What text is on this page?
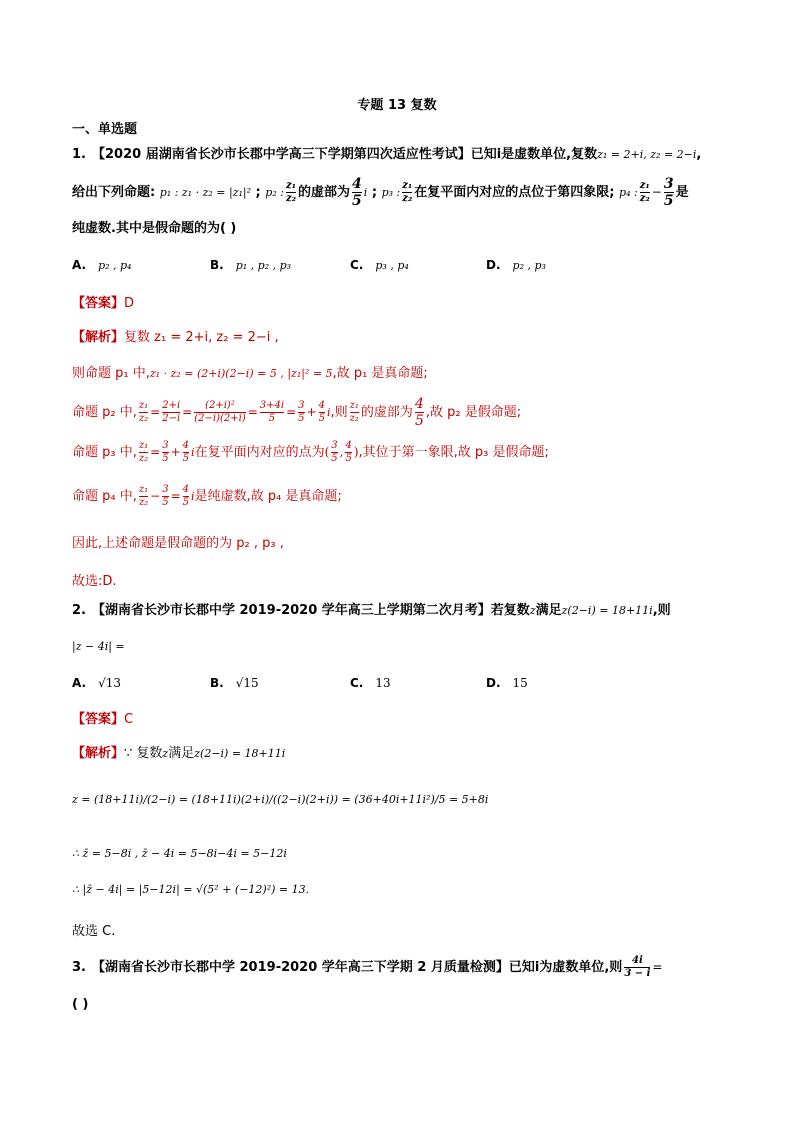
专题 13 复数
一、单选题
1. 【2020 届湖南省长沙市长郡中学高三下学期第四次适应性考试】已知i是虚数单位,复数z₁ = 2+i, z₂ = 2−i,
给出下列命题: p₁ : z₁ · z₂ = |z₁|² ; p₂ : $\frac{\text{z₁}}{\text{z₂}}$ 的虚部为 $\frac{4}{5}$ i ; p₃ : $\frac{\text{z₁}}{\text{z₂}}$ 在复平面内对应的点位于第四象限; p₄ : $\frac{\text{z₁}}{\text{z₂}} - \frac{3}{5}$ 是
纯虚数.其中是假命题的为( )
A. p₂ , p₄	B. p₁ , p₂ , p₃	C. p₃ , p₄	D. p₂ , p₃
【答案】D
【解析】复数 z₁ = 2+i, z₂ = 2−i ,
则命题 p₁ 中,z₁ · z₂ = (2+i)(2−i) = 5 , |z₁|² = 5,故 p₁ 是真命题;
命题 p₂ 中, $\frac{\text{z₁}}{\text{z₂}} = \frac{2+i}{2-i} = \frac{\text{(2+i)²}}{(2-i)(2+i)} = \frac{3+4i}{5} = \frac{3}{5} + \frac{4}{5} i$,则 $\frac{\text{z₁}}{\text{z₂}}$ 的虚部为 $\frac{4}{5}$ ,故 p₂ 是假命题;
命题 p₃ 中, $\frac{\text{z₁}}{\text{z₂}} = \frac{3}{5} + \frac{4}{5}$ i在复平面内对应的点为( $\frac{3}{5}$ , $\frac{4}{5}$ ),其位于第一象限,故 p₃ 是假命题;
命题 p₄ 中, $\frac{\text{z₁}}{\text{z₂}} - \frac{3}{5} = \frac{4}{5}$ i是纯虚数,故 p₄ 是真命题;
因此,上述命题是假命题的为 p₂ , p₃ ,
故选:D.
2. 【湖南省长沙市长郡中学 2019-2020 学年高三上学期第二次月考】若复数z满足z(2−i) = 18+11i,则
|z − 4i| =
A. √13	B. √15	C. 13	D. 15
【答案】C
【解析】∵ 复数z满足z(2−i) = 18+11i
z = (18+11i)/(2−i) = (18+11i)(2+i)/((2−i)(2+i)) = (36+40i+11i²)/5 = 5+8i
∴ z̄ = 5−8i , z̄ − 4i = 5−8i−4i = 5−12i
∴ |z̄ − 4i| = |5−12i| = √(5² + (−12)²) = 13.
故选 C.
3. 【湖南省长沙市长郡中学 2019-2020 学年高三下学期 2 月质量检测】已知i为虚数单位,则 $\frac{4i}{3 - i}$ =
( )
